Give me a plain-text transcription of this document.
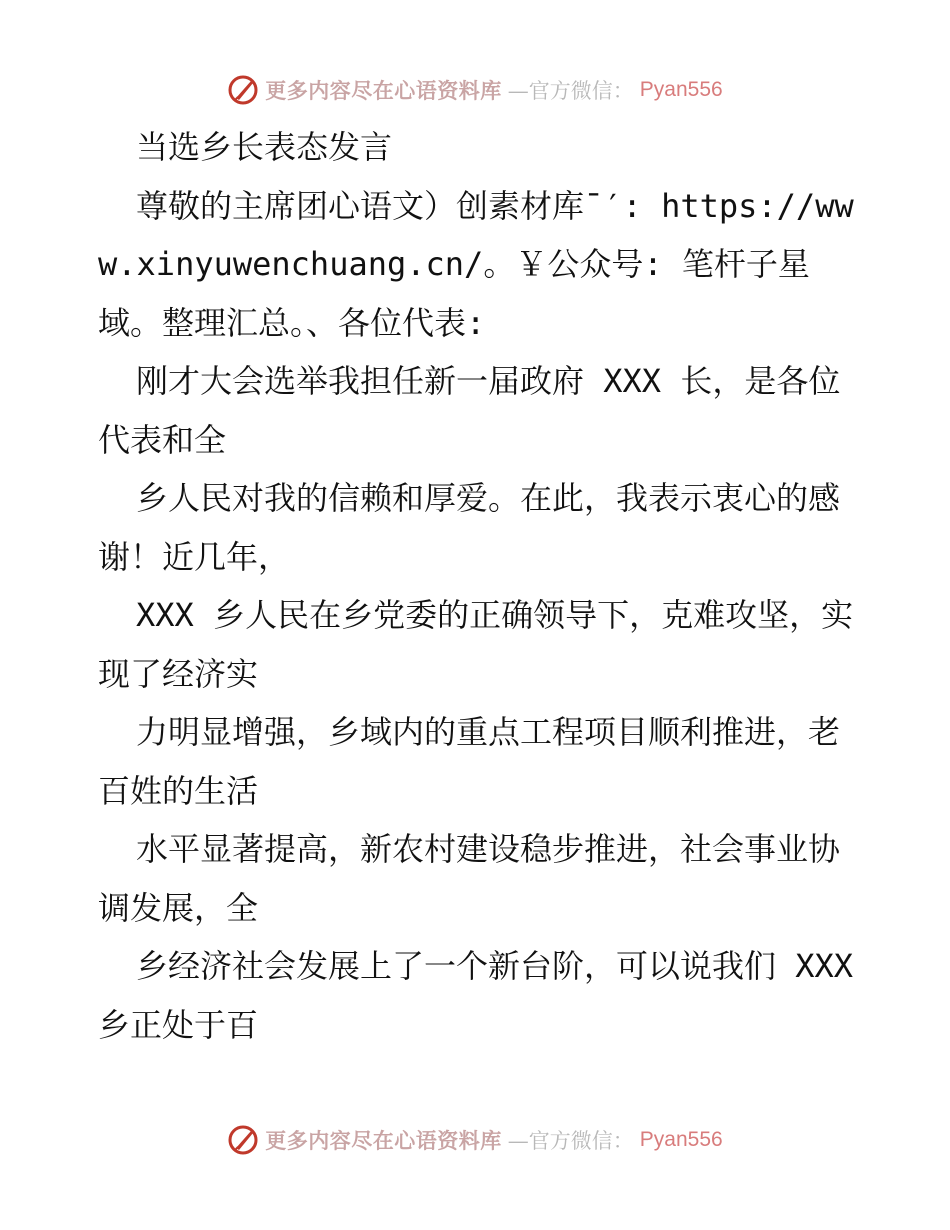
更多内容尽在心语资料库 —官方微信： Pyan556

当选乡长表态发言

尊敬的主席团心语文）创素材库¯′: https://www.xinyuwenchuang.cn/。￥公众号: 笔杆子星域。整理汇总。、各位代表:

刚才大会选举我担任新一届政府 XXX 长，是各位代表和全

乡人民对我的信赖和厚爱。在此，我表示衷心的感谢！近几年，

XXX 乡人民在乡党委的正确领导下，克难攻坚，实现了经济实

力明显增强，乡域内的重点工程项目顺利推进，老百姓的生活

水平显著提高，新农村建设稳步推进，社会事业协调发展，全

乡经济社会发展上了一个新台阶，可以说我们 XXX 乡正处于百

更多内容尽在心语资料库 —官方微信： Pyan556
